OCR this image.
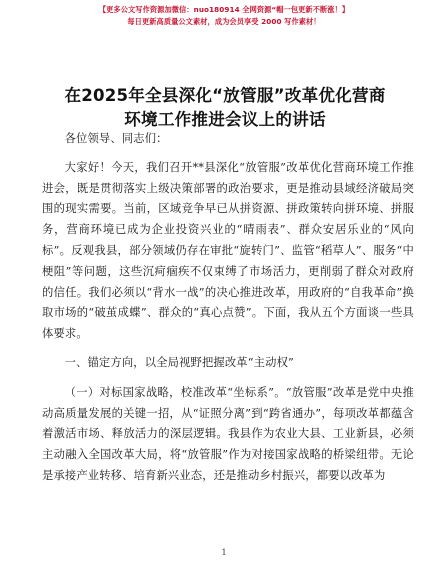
【更多公文写作资源加微信：nuo180914 全网资源“帽一包更新不断涨！】
每日更新高质量公文素材，成为会员享受 2000 写作素材！
在2025年全县深化“放管服”改革优化营商环境工作推进会议上的讲话

各位领导、同志们：

大家好！今天，我们召开**县深化“放管服”改革优化营商环境工作推进会，既是贯彻落实上级决策部署的政治要求，更是推动县域经济破局突围的现实需要。当前，区域竞争早已从拼资源、拼政策转向拼环境、拼服务，营商环境已成为企业投资兴业的“晴雨表”、群众安居乐业的“风向标”。反观我县，部分领域仍存在审批“旋转门”、监管“稻草人”、服务“中梗阻”等问题，这些沉疴痼疾不仅束缚了市场活力，更削弱了群众对政府的信任。我们必须以“背水一战”的决心推进改革，用政府的“自我革命”换取市场的“破茧成蝶”、群众的“真心点赞”。下面，我从五个方面谈一些具体要求。

一、锚定方向，以全局视野把握改革“主动权”

（一）对标国家战略，校准改革“坐标系”。“放管服”改革是党中央推动高质量发展的关键一招，从“证照分离”到“跨省通办”，每项改革都蕴含着激活市场、释放活力的深层逻辑。我县作为农业大县、工业新县，必须主动融入全国改革大局，将“放管服”作为对接国家战略的桥梁纽带。无论是承接产业转移、培育新兴业态，还是推动乡村振兴，都要以改革为

1
